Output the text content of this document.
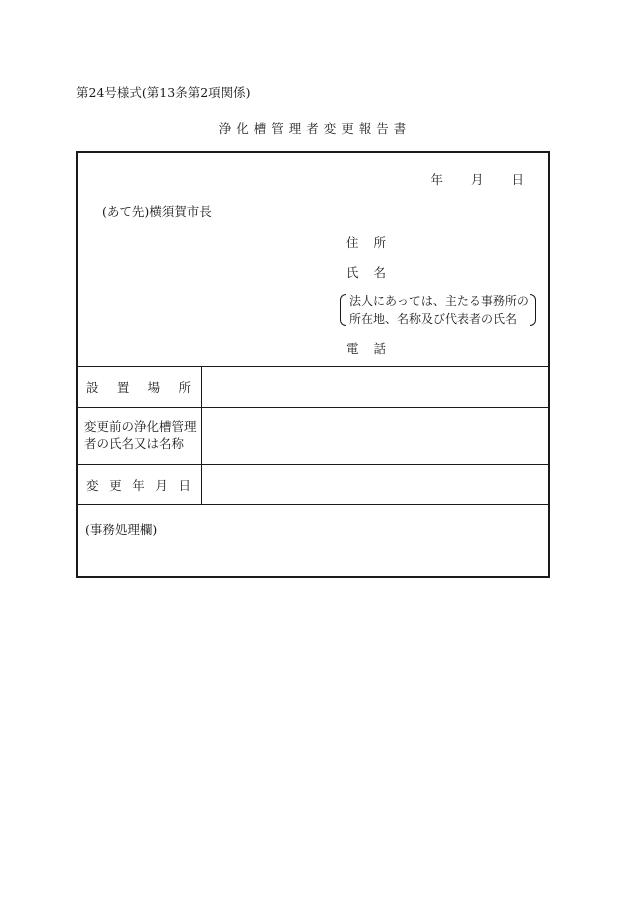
第24号様式(第13条第2項関係)
浄化槽管理者変更報告書
年 月 日
(あて先)横須賀市長
住 所
氏 名
法人にあっては、主たる事務所の
所在地、名称及び代表者の氏名
電 話
設 置 場 所
変更前の浄化槽管理
者の氏名又は名称
変 更 年 月 日
(事務処理欄)
